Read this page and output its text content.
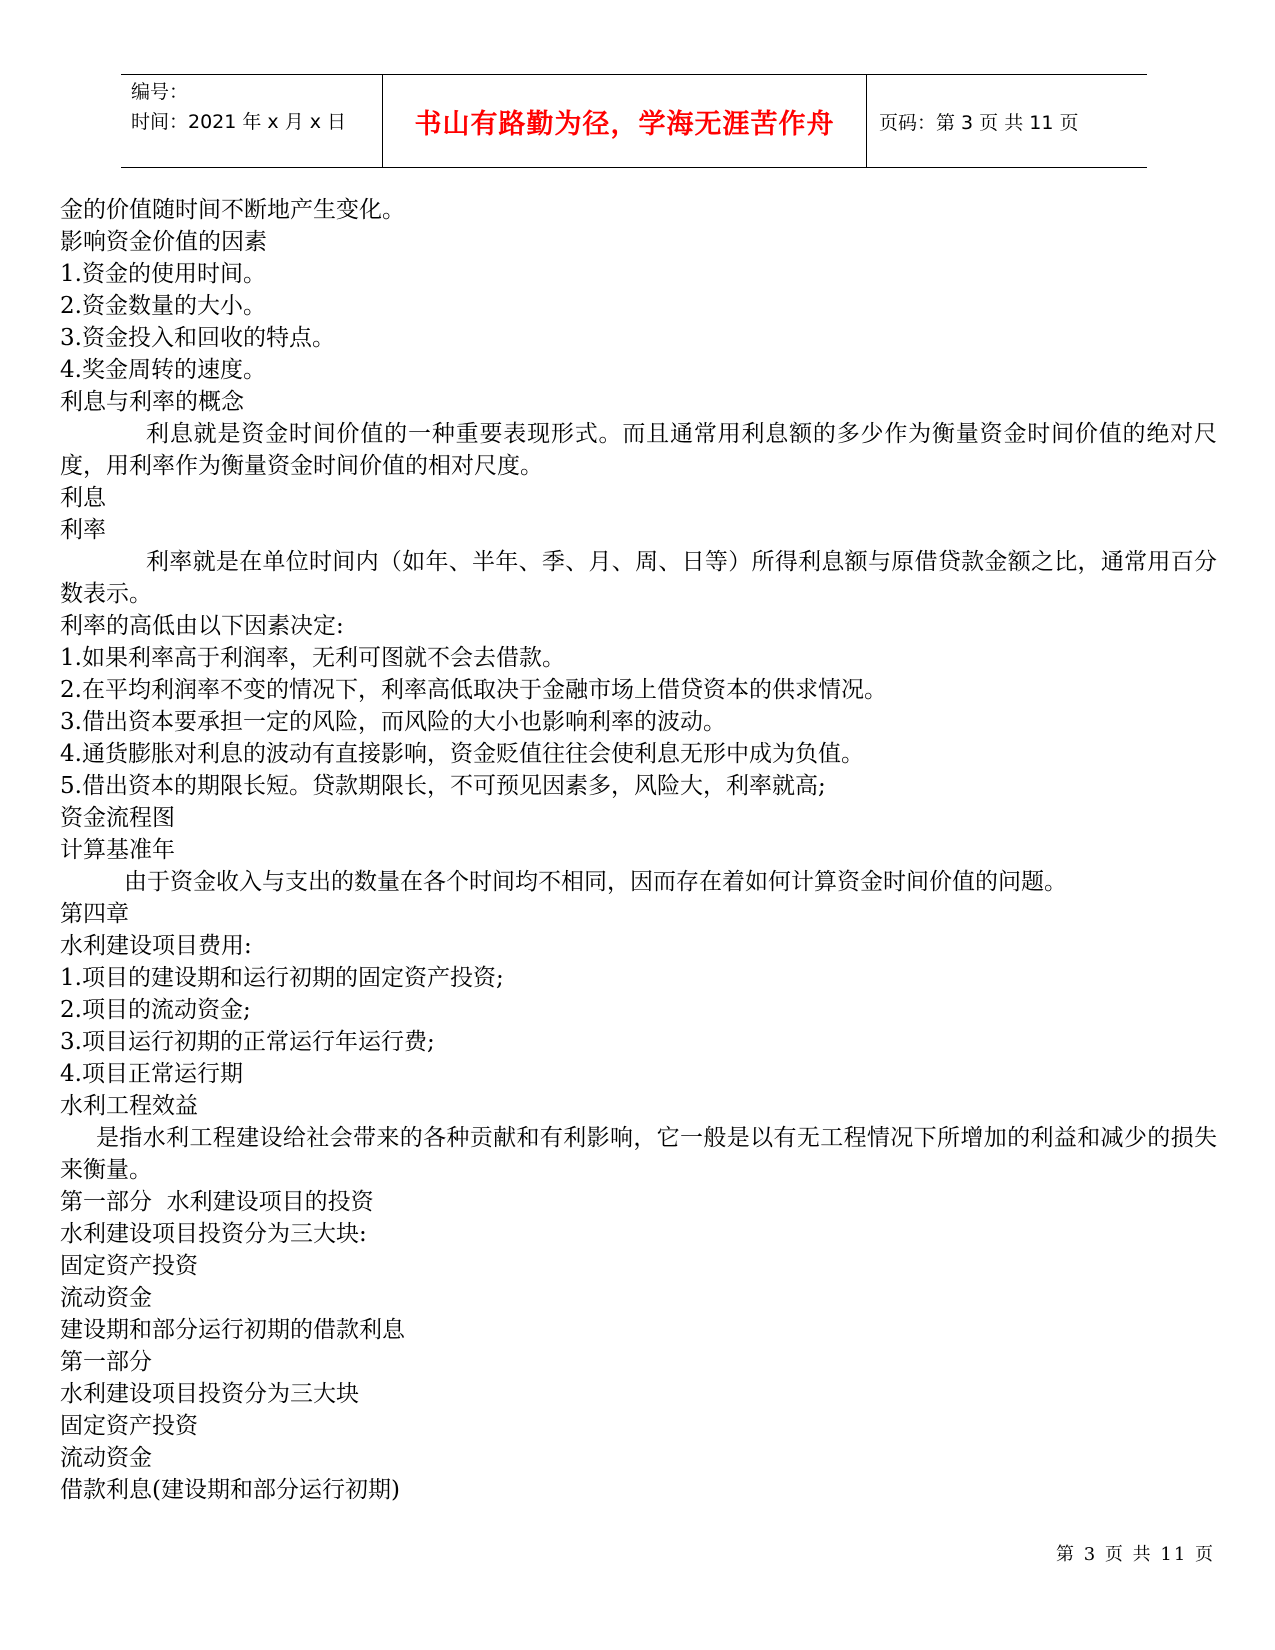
编号：
时间：2021 年 x 月 x 日	书山有路勤为径，学海无涯苦作舟 页码：第 3 页 共 11 页
金的价值随时间不断地产生变化。
影响资金价值的因素
1.资金的使用时间。
2.资金数量的大小。
3.资金投入和回收的特点。
4.奖金周转的速度。
利息与利率的概念
利息就是资金时间价值的一种重要表现形式。而且通常用利息额的多少作为衡量资金时间价值的绝对尺度，用利率作为衡量资金时间价值的相对尺度。
利息
利率
利率就是在单位时间内（如年、半年、季、月、周、日等）所得利息额与原借贷款金额之比，通常用百分数表示。
利率的高低由以下因素决定:
1.如果利率高于利润率，无利可图就不会去借款。
2.在平均利润率不变的情况下，利率高低取决于金融市场上借贷资本的供求情况。
3.借出资本要承担一定的风险，而风险的大小也影响利率的波动。
4.通货膨胀对利息的波动有直接影响，资金贬值往往会使利息无形中成为负值。
5.借出资本的期限长短。贷款期限长，不可预见因素多，风险大，利率就高;
资金流程图
计算基准年
由于资金收入与支出的数量在各个时间均不相同，因而存在着如何计算资金时间价值的问题。
第四章
水利建设项目费用:
1.项目的建设期和运行初期的固定资产投资;
2.项目的流动资金;
3.项目运行初期的正常运行年运行费;
4.项目正常运行期
水利工程效益
是指水利工程建设给社会带来的各种贡献和有利影响，它一般是以有无工程情况下所增加的利益和减少的损失来衡量。
第一部分  水利建设项目的投资
水利建设项目投资分为三大块:
固定资产投资
流动资金
建设期和部分运行初期的借款利息
第一部分
水利建设项目投资分为三大块
固定资产投资
流动资金
借款利息(建设期和部分运行初期)
第 3 页 共 11 页
